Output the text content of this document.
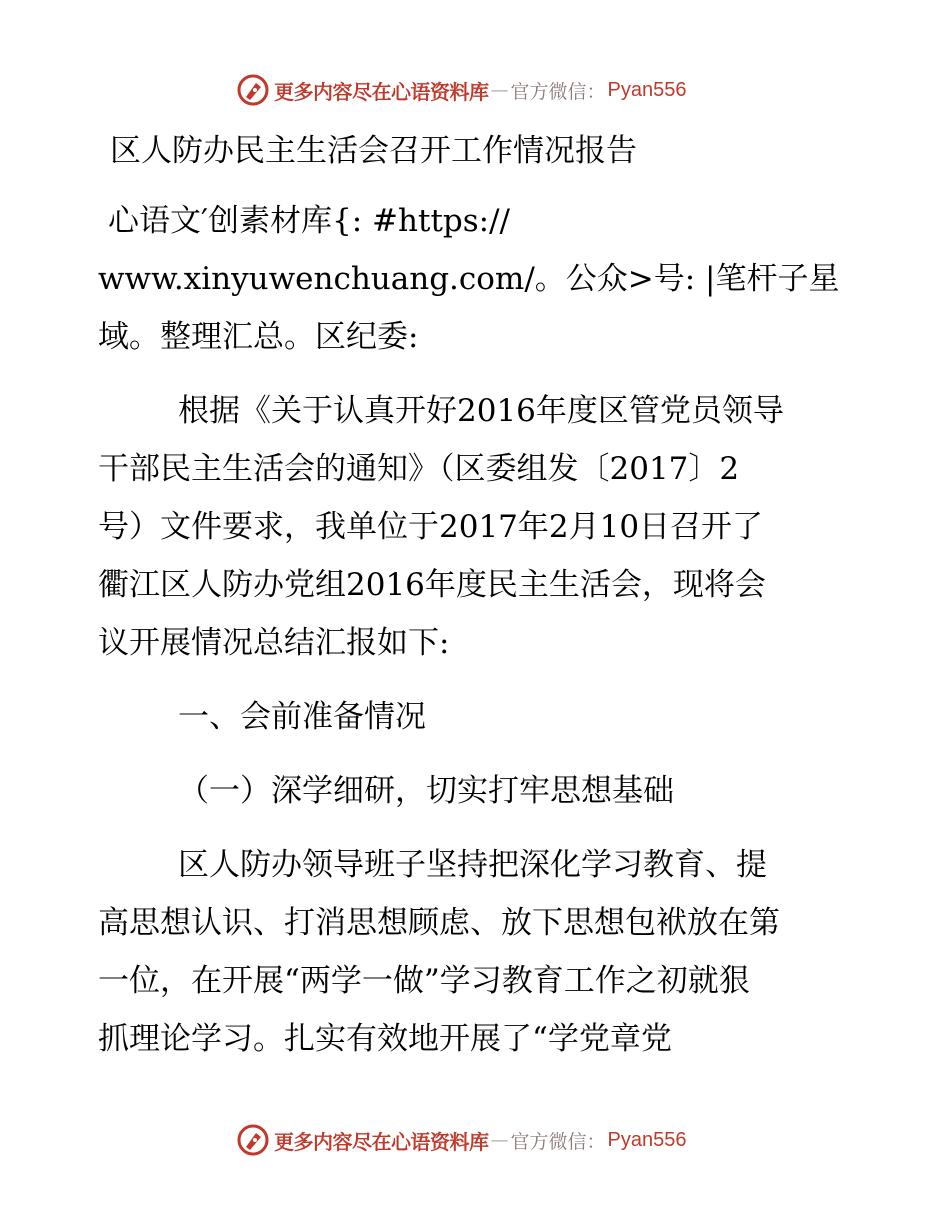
更多内容尽在心语资料库 — 官方微信： Pyan556

区人防办民主生活会召开工作情况报告

心语文′创素材库{: #https://

www.xinyuwenchuang.com/。公众>号: |笔杆子星

域。整理汇总。区纪委:

根据《关于认真开好2016年度区管党员领导

干部民主生活会的通知》（区委组发〔2017〕2

号）文件要求，我单位于2017年2月10日召开了

衢江区人防办党组2016年度民主生活会，现将会

议开展情况总结汇报如下:

一、会前准备情况

（一）深学细研，切实打牢思想基础

区人防办领导班子坚持把深化学习教育、提

高思想认识、打消思想顾虑、放下思想包袱放在第

一位，在开展“两学一做”学习教育工作之初就狠

抓理论学习。扎实有效地开展了“学党章党

更多内容尽在心语资料库 — 官方微信： Pyan556
